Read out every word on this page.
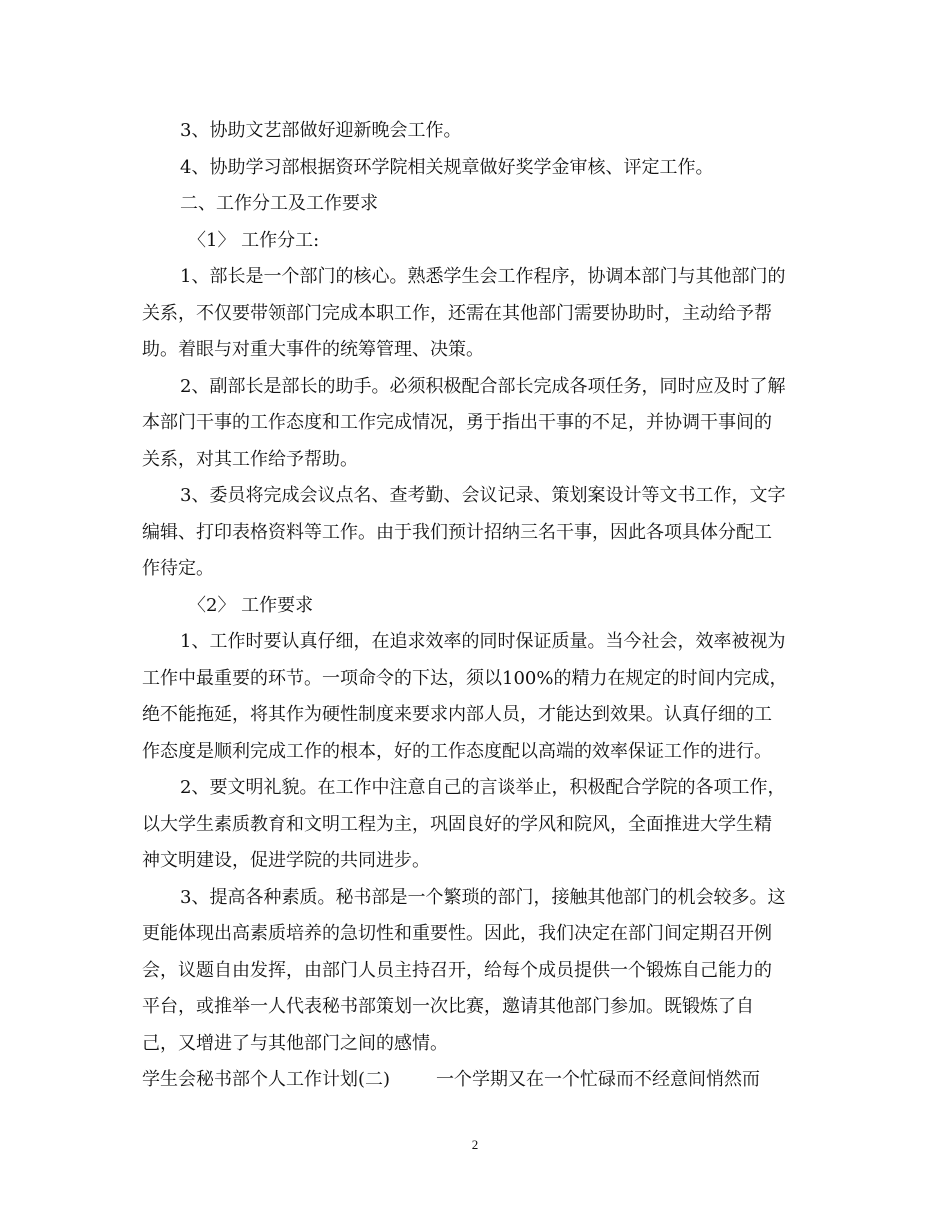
3、协助文艺部做好迎新晚会工作。
4、协助学习部根据资环学院相关规章做好奖学金审核、评定工作。
二、工作分工及工作要求
〈1〉 工作分工:
1、部长是一个部门的核心。熟悉学生会工作程序，协调本部门与其他部门的
关系，不仅要带领部门完成本职工作，还需在其他部门需要协助时，主动给予帮
助。着眼与对重大事件的统筹管理、决策。
2、副部长是部长的助手。必须积极配合部长完成各项任务，同时应及时了解
本部门干事的工作态度和工作完成情况，勇于指出干事的不足，并协调干事间的
关系，对其工作给予帮助。
3、委员将完成会议点名、查考勤、会议记录、策划案设计等文书工作，文字
编辑、打印表格资料等工作。由于我们预计招纳三名干事，因此各项具体分配工
作待定。
〈2〉 工作要求
1、工作时要认真仔细，在追求效率的同时保证质量。当今社会，效率被视为
工作中最重要的环节。一项命令的下达，须以100%的精力在规定的时间内完成，
绝不能拖延，将其作为硬性制度来要求内部人员，才能达到效果。认真仔细的工
作态度是顺利完成工作的根本，好的工作态度配以高端的效率保证工作的进行。
2、要文明礼貌。在工作中注意自己的言谈举止，积极配合学院的各项工作，
以大学生素质教育和文明工程为主，巩固良好的学风和院风，全面推进大学生精
神文明建设，促进学院的共同进步。
3、提高各种素质。秘书部是一个繁琐的部门，接触其他部门的机会较多。这
更能体现出高素质培养的急切性和重要性。因此，我们决定在部门间定期召开例
会，议题自由发挥，由部门人员主持召开，给每个成员提供一个锻炼自己能力的
平台，或推举一人代表秘书部策划一次比赛，邀请其他部门参加。既锻炼了自
己，又增进了与其他部门之间的感情。
学生会秘书部个人工作计划(二)	一个学期又在一个忙碌而不经意间悄然而
2
